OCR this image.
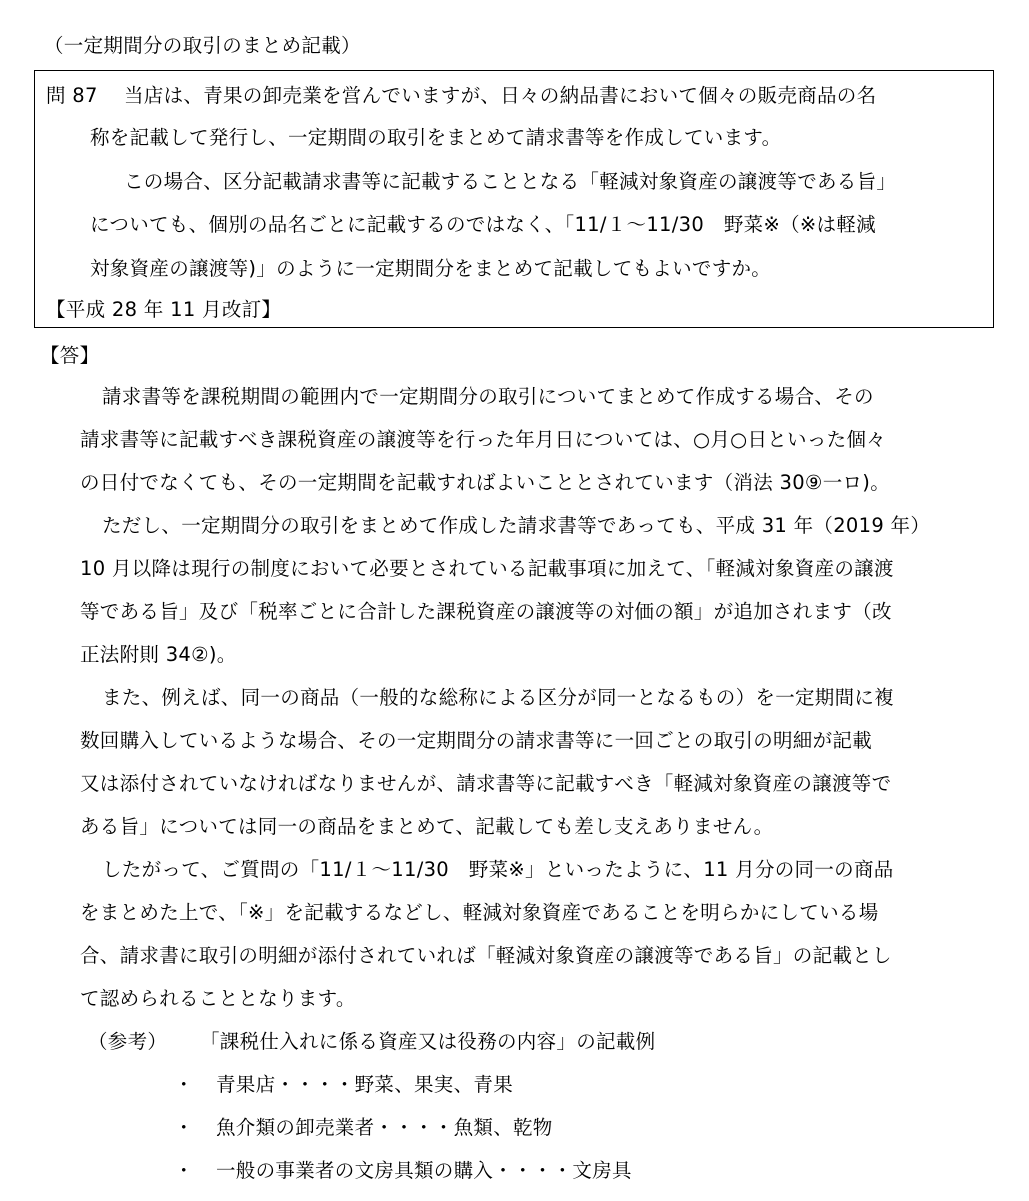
（一定期間分の取引のまとめ記載）
問 87 当店は、青果の卸売業を営んでいますが、日々の納品書において個々の販売商品の名
称を記載して発行し、一定期間の取引をまとめて請求書等を作成しています。
この場合、区分記載請求書等に記載することとなる「軽減対象資産の譲渡等である旨」
についても、個別の品名ごとに記載するのではなく、「11/１～11/30　野菜※（※は軽減
対象資産の譲渡等)」のように一定期間分をまとめて記載してもよいですか。
【平成 28 年 11 月改訂】
【答】
請求書等を課税期間の範囲内で一定期間分の取引についてまとめて作成する場合、その
請求書等に記載すべき課税資産の譲渡等を行った年月日については、○月○日といった個々
の日付でなくても、その一定期間を記載すればよいこととされています（消法 30⑨一ロ)。
ただし、一定期間分の取引をまとめて作成した請求書等であっても、平成 31 年（2019 年）
10 月以降は現行の制度において必要とされている記載事項に加えて、「軽減対象資産の譲渡
等である旨」及び「税率ごとに合計した課税資産の譲渡等の対価の額」が追加されます（改
正法附則 34②)。
また、例えば、同一の商品（一般的な総称による区分が同一となるもの）を一定期間に複
数回購入しているような場合、その一定期間分の請求書等に一回ごとの取引の明細が記載
又は添付されていなければなりませんが、請求書等に記載すべき「軽減対象資産の譲渡等で
ある旨」については同一の商品をまとめて、記載しても差し支えありません。
したがって、ご質問の「11/１～11/30　野菜※」といったように、11 月分の同一の商品
をまとめた上で、「※」を記載するなどし、軽減対象資産であることを明らかにしている場
合、請求書に取引の明細が添付されていれば「軽減対象資産の譲渡等である旨」の記載とし
て認められることとなります。
（参考） 「課税仕入れに係る資産又は役務の内容」の記載例
・ 青果店・・・・野菜、果実、青果
・ 魚介類の卸売業者・・・・魚類、乾物
・ 一般の事業者の文房具類の購入・・・・文房具
